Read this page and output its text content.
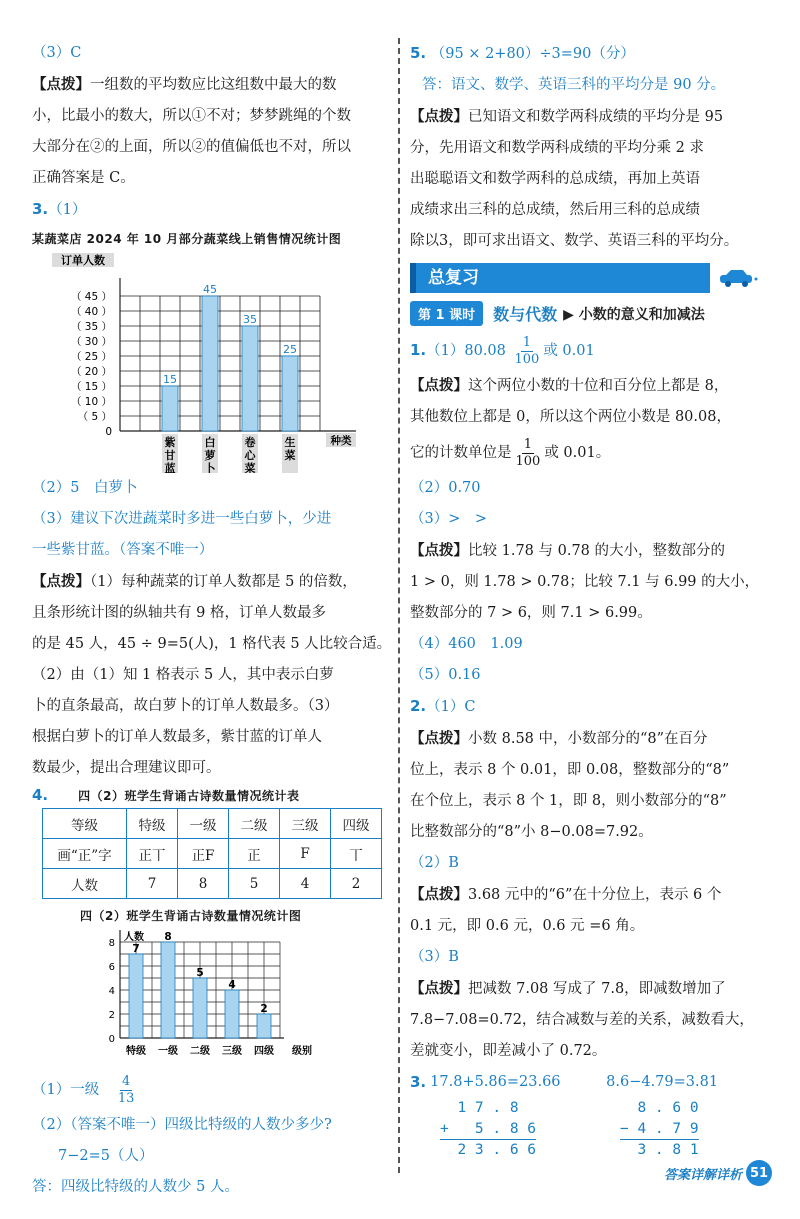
（3）C
【点拨】一组数的平均数应比这组数中最大的数
小，比最小的数大，所以①不对；梦梦跳绳的个数
大部分在②的上面，所以②的值偏低也不对，所以
正确答案是 C。
3.（1）
某蔬菜店 2024 年 10 月部分蔬菜线上销售情况统计图
订单人数
（ 45 ）
（ 40 ）
（ 35 ）
（ 30 ）
（ 25 ）
（ 20 ）
（ 15 ）
（ 10 ）
（ 5 ）
0
种类
15
紫
甘
蓝
45
白
萝
卜
35
卷
心
菜
25
生
菜
（2）5　白萝卜
（3）建议下次进蔬菜时多进一些白萝卜，少进
一些紫甘蓝。（答案不唯一）
【点拨】（1）每种蔬菜的订单人数都是 5 的倍数，
且条形统计图的纵轴共有 9 格，订单人数最多
的是 45 人，45 ÷ 9=5(人)，1 格代表 5 人比较合适。
（2）由（1）知 1 格表示 5 人，其中表示白萝
卜的直条最高，故白萝卜的订单人数最多。（3）
根据白萝卜的订单人数最多，紫甘蓝的订单人
数最少，提出合理建议即可。
4.	四（2）班学生背诵古诗数量情况统计表
等级	特级	一级	二级	三级	四级
画“正”字	正丅	正F	正	F	丅
人数	7	8	5	4	2
四（2）班学生背诵古诗数量情况统计图
人数
8
6
4
2
0
7
特级
8
一级
5
二级
4
三级
2
四级 级别
（1）一级 $\frac{4}{13}$
（2）（答案不唯一）四级比特级的人数少多少?
7−2=5（人）
答：四级比特级的人数少 5 人。
5. （95 × 2+80）÷3=90（分）
答：语文、数学、英语三科的平均分是 90 分。
【点拨】已知语文和数学两科成绩的平均分是 95
分，先用语文和数学两科成绩的平均分乘 2 求
出聪聪语文和数学两科的总成绩，再加上英语
成绩求出三科的总成绩，然后用三科的总成绩
除以3，即可求出语文、数学、英语三科的平均分。
总复习
第 1 课时	数与代数 ▶ 小数的意义和加减法
$1.(1)80.08 \frac{1}{100}$ 或 0.01
【点拨】这个两位小数的十位和百分位上都是 8，
其他数位上都是 0，所以这个两位小数是 80.08，
它的计数单位是 $\frac{1}{100}$ 或 0.01。
（2）0.70
（3）>　>
【点拨】比较 1.78 与 0.78 的大小，整数部分的
1 > 0，则 1.78 > 0.78；比较 7.1 与 6.99 的大小，
整数部分的 7 > 6，则 7.1 > 6.99。
（4）460　1.09
（5）0.16
2.（1）C
【点拨】小数 8.58 中，小数部分的“8”在百分
位上，表示 8 个 0.01，即 0.08，整数部分的“8”
在个位上，表示 8 个 1，即 8，则小数部分的“8”
比整数部分的“8”小 8−0.08=7.92。
（2）B
【点拨】3.68 元中的“6”在十分位上，表示 6 个
0.1 元，即 0.6 元，0.6 元 =6 角。
（3）B
【点拨】把减数 7.08 写成了 7.8，即减数增加了
7.8−7.08=0.72，结合减数与差的关系，减数看大，
差就变小，即差减小了 0.72。
3. 17.8+5.86=23.66	8.6−4.79=3.81
1 7 . 8
+   5 . 8 6
2 3 . 6 6
8 . 6 0
− 4 . 7 9
3 . 8 1
答案详解详析 51
